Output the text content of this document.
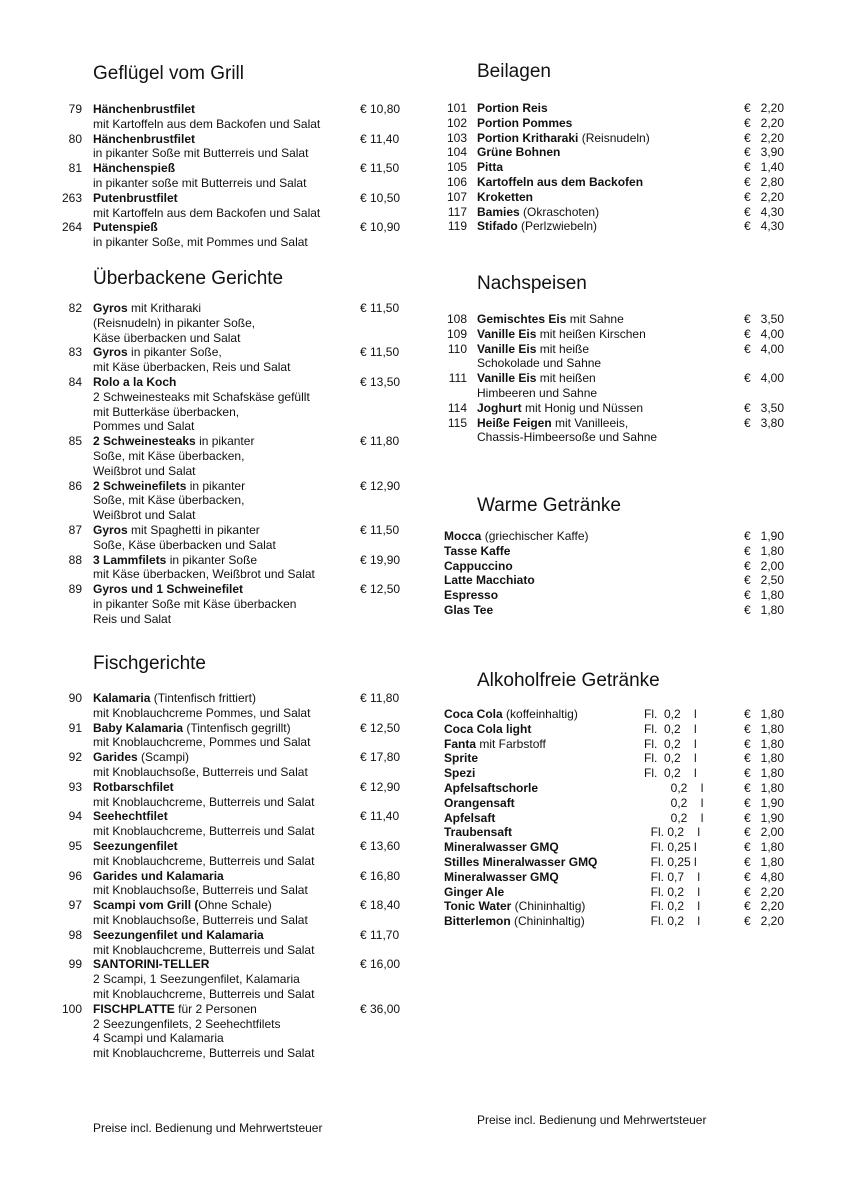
Geflügel vom Grill
79 Hänchenbrustfilet
mit Kartoffeln aus dem Backofen und Salat
€ 10,80
80 Hänchenbrustfilet
in pikanter Soße mit Butterreis und Salat
€ 11,40
81 Hänchenspieß
in pikanter soße mit Butterreis und Salat
€ 11,50
263 Putenbrustfilet
mit Kartoffeln aus dem Backofen und Salat
€ 10,50
264 Putenspieß
in pikanter Soße, mit Pommes und Salat
€ 10,90
Überbackene Gerichte
82 Gyros mit Kritharaki
(Reisnudeln) in pikanter Soße,
Käse überbacken und Salat
€ 11,50
83 Gyros in pikanter Soße,
mit Käse überbacken, Reis und Salat
€ 11,50
84 Rolo a la Koch
2 Schweinesteaks mit Schafskäse gefüllt
mit Butterkäse überbacken,
Pommes und Salat
€ 13,50
85 2 Schweinesteaks in pikanter
Soße, mit Käse überbacken,
Weißbrot und Salat
€ 11,80
86 2 Schweinefilets in pikanter
Soße, mit Käse überbacken,
Weißbrot und Salat
€ 12,90
87 Gyros mit Spaghetti in pikanter
Soße, Käse überbacken und Salat
€ 11,50
88 3 Lammfilets in pikanter Soße
mit Käse überbacken, Weißbrot und Salat
€ 19,90
89 Gyros und 1 Schweinefilet
in pikanter Soße mit Käse überbacken
Reis und Salat
€ 12,50
Fischgerichte
90 Kalamaria (Tintenfisch frittiert)
mit Knoblauchcreme Pommes, und Salat
€ 11,80
91 Baby Kalamaria (Tintenfisch gegrillt)
mit Knoblauchcreme, Pommes und Salat
€ 12,50
92 Garides (Scampi)
mit Knoblauchsoße, Butterreis und Salat
€ 17,80
93 Rotbarschfilet
mit Knoblauchcreme, Butterreis und Salat
€ 12,90
94 Seehechtfilet
mit Knoblauchcreme, Butterreis und Salat
€ 11,40
95 Seezungenfilet
mit Knoblauchcreme, Butterreis und Salat
€ 13,60
96 Garides und Kalamaria
mit Knoblauchsoße, Butterreis und Salat
€ 16,80
97 Scampi vom Grill (Ohne Schale)
mit Knoblauchsoße, Butterreis und Salat
€ 18,40
98 Seezungenfilet und Kalamaria
mit Knoblauchcreme, Butterreis und Salat
€ 11,70
99 SANTORINI-TELLER
2 Scampi, 1 Seezungenfilet, Kalamaria
mit Knoblauchcreme, Butterreis und Salat
€ 16,00
100 FISCHPLATTE für 2 Personen
2 Seezungenfilets, 2 Seehechtfilets
4 Scampi und Kalamaria
mit Knoblauchcreme, Butterreis und Salat
€ 36,00
Beilagen
101 Portion Reis	€   2,20
102 Portion Pommes	€   2,20
103 Portion Kritharaki (Reisnudeln)	€   2,20
104 Grüne Bohnen	€   3,90
105 Pitta	€   1,40
106 Kartoffeln aus dem Backofen	€   2,80
107 Kroketten	€   2,20
117 Bamies (Okraschoten)	€   4,30
119 Stifado (Perlzwiebeln)	€   4,30
Nachspeisen
108 Gemischtes Eis mit Sahne	€   3,50
109 Vanille Eis mit heißen Kirschen	€   4,00
110 Vanille Eis mit heiße
Schokolade und Sahne
€   4,00
111 Vanille Eis mit heißen
Himbeeren und Sahne
€   4,00
114 Joghurt mit Honig und Nüssen	€   3,50
115 Heiße Feigen mit Vanilleeis,
Chassis-Himbeersoße und Sahne
€   3,80
Warme Getränke
Mocca (griechischer Kaffe)	€   1,90
Tasse Kaffe	€   1,80
Cappuccino	€   2,00
Latte Macchiato	€   2,50
Espresso	€   1,80
Glas Tee	€   1,80
Alkoholfreie Getränke
Coca Cola (koffeinhaltig)	Fl.  0,2    l	€   1,80
Coca Cola light	Fl.  0,2    l	€   1,80
Fanta mit Farbstoff	Fl.  0,2    l	€   1,80
Sprite	Fl.  0,2    l	€   1,80
Spezi	Fl.  0,2    l	€   1,80
Apfelsaftschorle	0,2    l	€   1,80
Orangensaft	0,2    l	€   1,90
Apfelsaft	0,2    l	€   1,90
Traubensaft	Fl. 0,2    l	€   2,00
Mineralwasser GMQ	Fl. 0,25 l	€   1,80
Stilles Mineralwasser GMQ	Fl. 0,25 l	€   1,80
Mineralwasser GMQ	Fl. 0,7    l	€   4,80
Ginger Ale	Fl. 0,2    l	€   2,20
Tonic Water (Chininhaltig)	Fl. 0,2    l	€   2,20
Bitterlemon (Chininhaltig)	Fl. 0,2    l	€   2,20
Preise incl. Bedienung und Mehrwertsteuer
Preise incl. Bedienung und Mehrwertsteuer
